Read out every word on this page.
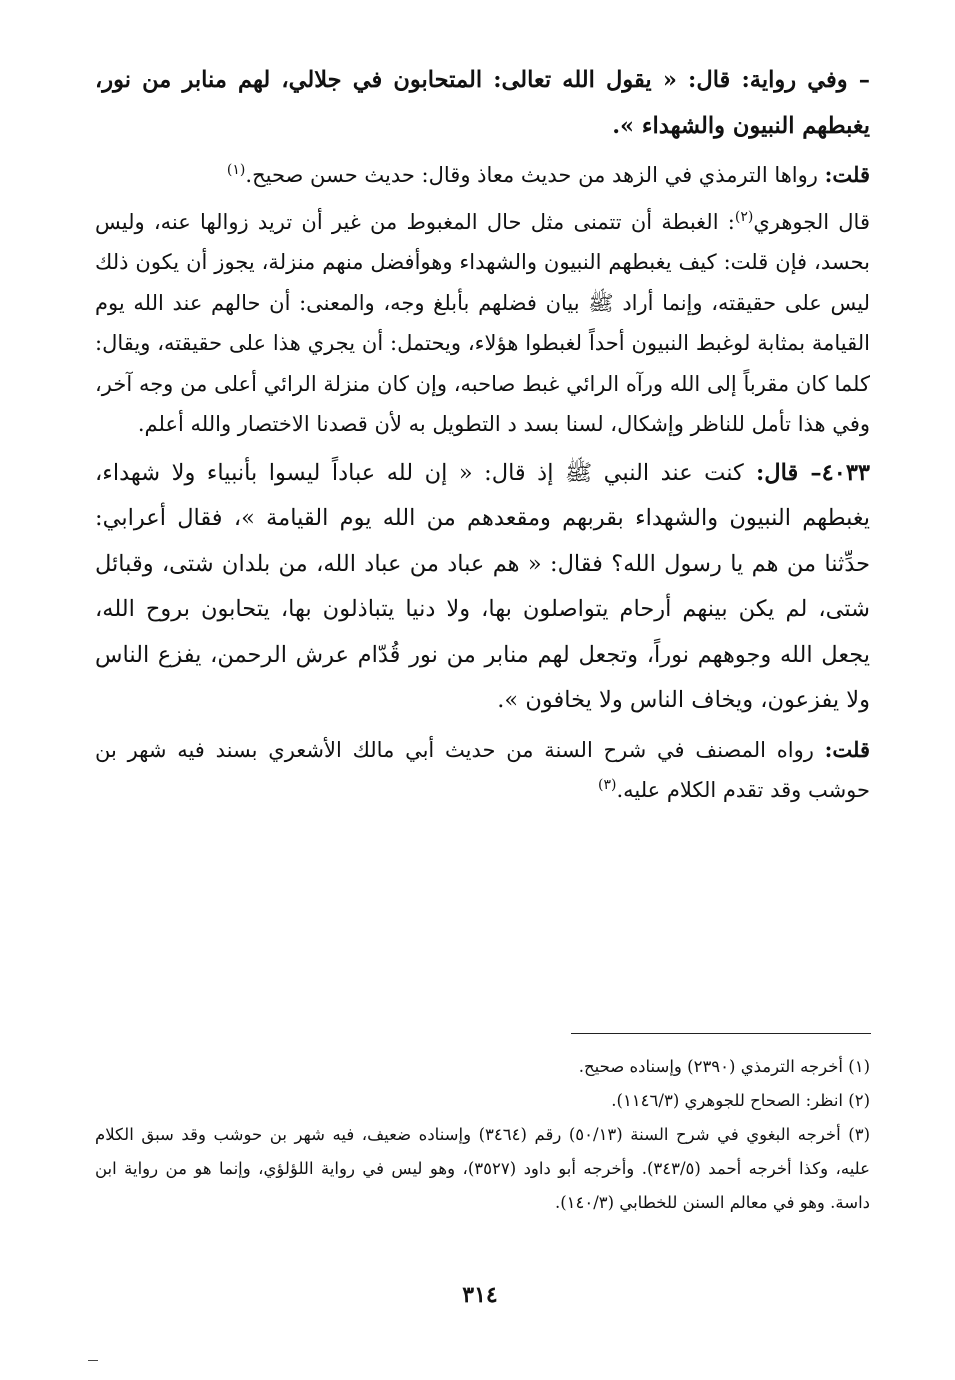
– وفي رواية: قال: « يقول الله تعالى: المتحابون في جلالي، لهم منابر من نور، يغبطهم النبيون والشهداء ».

قلت: رواها الترمذي في الزهد من حديث معاذ وقال: حديث حسن صحيح.$^{(١)}$

قال الجوهري$^{(٢)}$: الغبطة أن تتمنى مثل حال المغبوط من غير أن تريد زوالها عنه، وليس بحسد، فإن قلت: كيف يغبطهم النبيون والشهداء وهوأفضل منهم منزلة، يجوز أن يكون ذلك ليس على حقيقته، وإنما أراد ﷺ بيان فضلهم بأبلغ وجه، والمعنى: أن حالهم عند الله يوم القيامة بمثابة لوغبط النبيون أحداً لغبطوا هؤلاء، ويحتمل: أن يجري هذا على حقيقته، ويقال: كلما كان مقرباً إلى الله ورآه الرائي غبط صاحبه، وإن كان منزلة الرائي أعلى من وجه آخر، وفي هذا تأمل للناظر وإشكال، لسنا بسد د التطويل به لأن قصدنا الاختصار والله أعلم.

٤٠٣٣– قال: كنت عند النبي ﷺ إذ قال: « إن لله عباداً ليسوا بأنبياء ولا شهداء، يغبطهم النبيون والشهداء بقربهم ومقعدهم من الله يوم القيامة »، فقال أعرابي: حدِّثنا من هم يا رسول الله؟ فقال: « هم عباد من عباد الله، من بلدان شتى، وقبائل شتى، لم يكن بينهم أرحام يتواصلون بها، ولا دنيا يتباذلون بها، يتحابون بروح الله، يجعل الله وجوههم نوراً، وتجعل لهم منابر من نور قُدّام عرش الرحمن، يفزع الناس ولا يفزعون، ويخاف الناس ولا يخافون ».

قلت: رواه المصنف في شرح السنة من حديث أبي مالك الأشعري بسند فيه شهر بن حوشب وقد تقدم الكلام عليه.$^{(٣)}$

(١) أخرجه الترمذي (٢٣٩٠) وإسناده صحيح.

(٢) انظر: الصحاح للجوهري (١١٤٦/٣).

(٣) أخرجه البغوي في شرح السنة (٥٠/١٣) رقم (٣٤٦٤) وإسناده ضعيف، فيه شهر بن حوشب وقد سبق الكلام عليه، وكذا أخرجه أحمد (٣٤٣/٥). وأخرجه أبو داود (٣٥٢٧)، وهو ليس في رواية اللؤلؤي، وإنما هو من رواية ابن داسة. وهو في معالم السنن للخطابي (١٤٠/٣).

٣١٤
